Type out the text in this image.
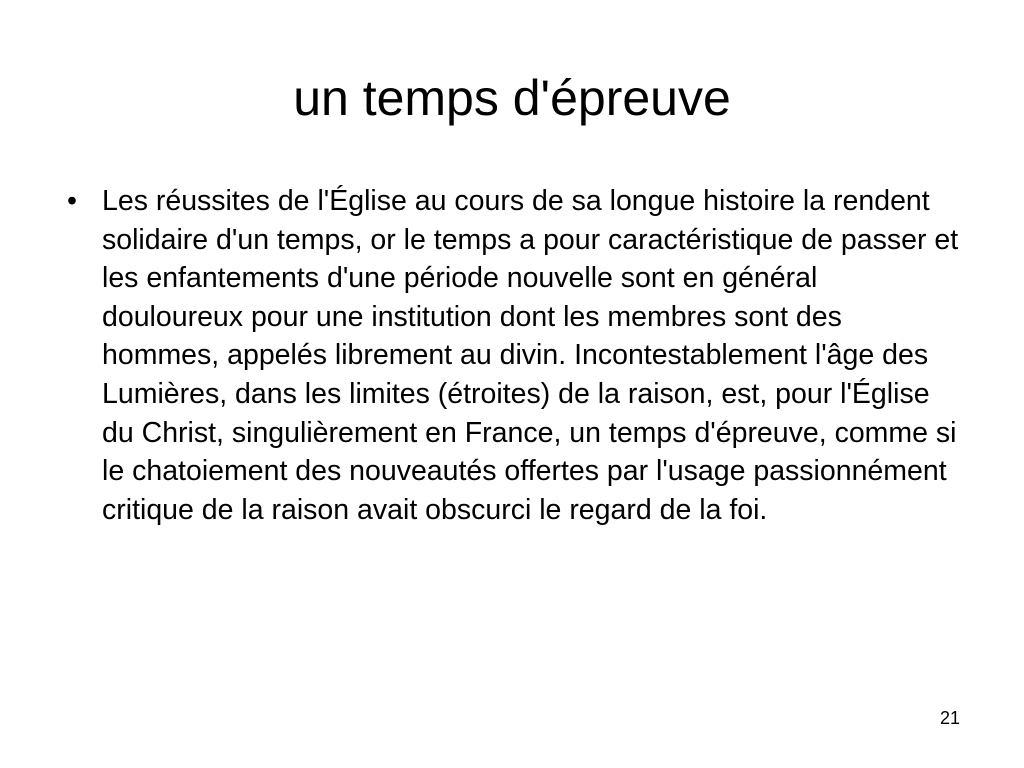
un temps d'épreuve
• Les réussites de l'Église au cours de sa longue histoire la rendent solidaire d'un temps, or le temps a pour caractéristique de passer et les enfantements d'une période nouvelle sont en général douloureux pour une institution dont les membres sont des hommes, appelés librement au divin. Incontestablement l'âge des Lumières, dans les limites (étroites) de la raison, est, pour l'Église du Christ, singulièrement en France, un temps d'épreuve, comme si le chatoiement des nouveautés offertes par l'usage passionnément critique de la raison avait obscurci le regard de la foi.
21
